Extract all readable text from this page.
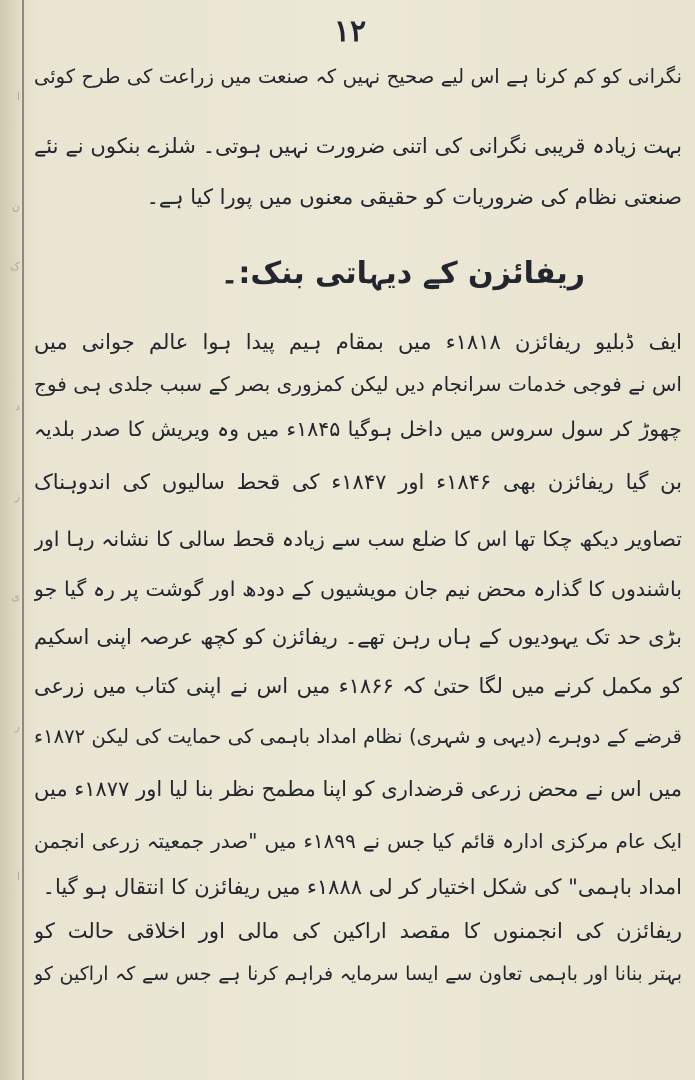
ا
ن
ک
د
ز
ی
ر
ا
۱۲
نگرانی کو کم کرنا ہے اس لیے صحیح نہیں کہ صنعت میں زراعت کی طرح کوئی
بہت زیادہ قریبی نگرانی کی اتنی ضرورت نہیں ہوتی۔ شلزے بنکوں نے نئے
صنعتی نظام کی ضروریات کو حقیقی معنوں میں پورا کیا ہے۔
ریفائزن کے دیہاتی بنک:۔
ایف ڈبلیو ریفائزن ۱۸۱۸ء میں بمقام ہیم پیدا ہوا عالم جوانی میں
اس نے فوجی خدمات سرانجام دیں لیکن کمزوری بصر کے سبب جلدی ہی فوج
چھوڑ کر سول سروس میں داخل ہوگیا ۱۸۴۵ء میں وہ ویریش کا صدر بلدیہ
بن گیا ریفائزن بھی ۱۸۴۶ء اور ۱۸۴۷ء کی قحط سالیوں کی اندوہناک
تصاویر دیکھ چکا تھا اس کا ضلع سب سے زیادہ قحط سالی کا نشانہ رہا اور
باشندوں کا گذارہ محض نیم جان مویشیوں کے دودھ اور گوشت پر رہ گیا جو
بڑی حد تک یہودیوں کے ہاں رہن تھے۔ ریفائزن کو کچھ عرصہ اپنی اسکیم
کو مکمل کرنے میں لگا حتیٰ کہ ۱۸۶۶ء میں اس نے اپنی کتاب میں زرعی
قرضے کے دوہرے (دیہی و شہری) نظام امداد باہمی کی حمایت کی لیکن ۱۸۷۲ء
میں اس نے محض زرعی قرضداری کو اپنا مطمح نظر بنا لیا اور ۱۸۷۷ء میں
ایک عام مرکزی ادارہ قائم کیا جس نے ۱۸۹۹ء میں "صدر جمعیتہ زرعی انجمن
امداد باہمی" کی شکل اختیار کر لی ۱۸۸۸ء میں ریفائزن کا انتقال ہو گیا۔
ریفائزن کی انجمنوں کا مقصد اراکین کی مالی اور اخلاقی حالت کو
بہتر بنانا اور باہمی تعاون سے ایسا سرمایہ فراہم کرنا ہے جس سے کہ اراکین کو
